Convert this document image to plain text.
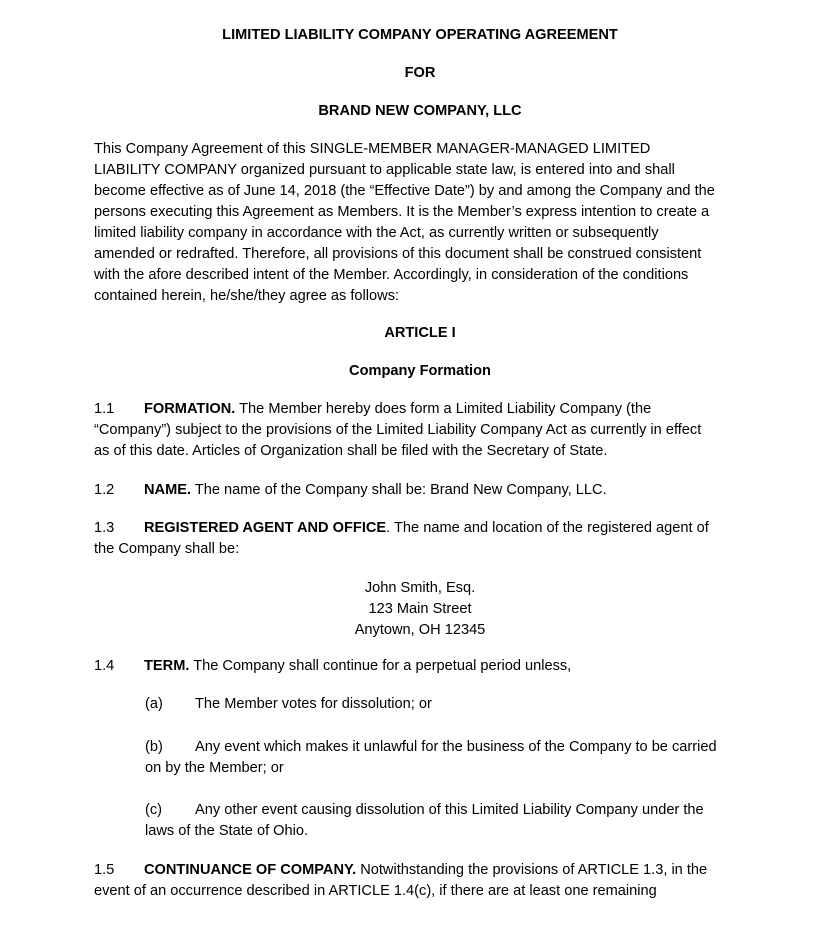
LIMITED LIABILITY COMPANY OPERATING AGREEMENT
FOR
BRAND NEW COMPANY, LLC
This Company Agreement of this SINGLE-MEMBER MANAGER-MANAGED LIMITED
LIABILITY COMPANY organized pursuant to applicable state law, is entered into and shall
become effective as of June 14, 2018 (the “Effective Date”) by and among the Company and the
persons executing this Agreement as Members. It is the Member’s express intention to create a
limited liability company in accordance with the Act, as currently written or subsequently
amended or redrafted. Therefore, all provisions of this document shall be construed consistent
with the afore described intent of the Member. Accordingly, in consideration of the conditions
contained herein, he/she/they agree as follows:
ARTICLE I
Company Formation
1.1 FORMATION. The Member hereby does form a Limited Liability Company (the
“Company”) subject to the provisions of the Limited Liability Company Act as currently in effect
as of this date. Articles of Organization shall be filed with the Secretary of State.
1.2 NAME. The name of the Company shall be: Brand New Company, LLC.
1.3 REGISTERED AGENT AND OFFICE. The name and location of the registered agent of
the Company shall be:
John Smith, Esq.
123 Main Street
Anytown, OH 12345
1.4 TERM. The Company shall continue for a perpetual period unless,
(a) The Member votes for dissolution; or
(b) Any event which makes it unlawful for the business of the Company to be carried
on by the Member; or
(c) Any other event causing dissolution of this Limited Liability Company under the
laws of the State of Ohio.
1.5 CONTINUANCE OF COMPANY. Notwithstanding the provisions of ARTICLE 1.3, in the
event of an occurrence described in ARTICLE 1.4(c), if there are at least one remaining
